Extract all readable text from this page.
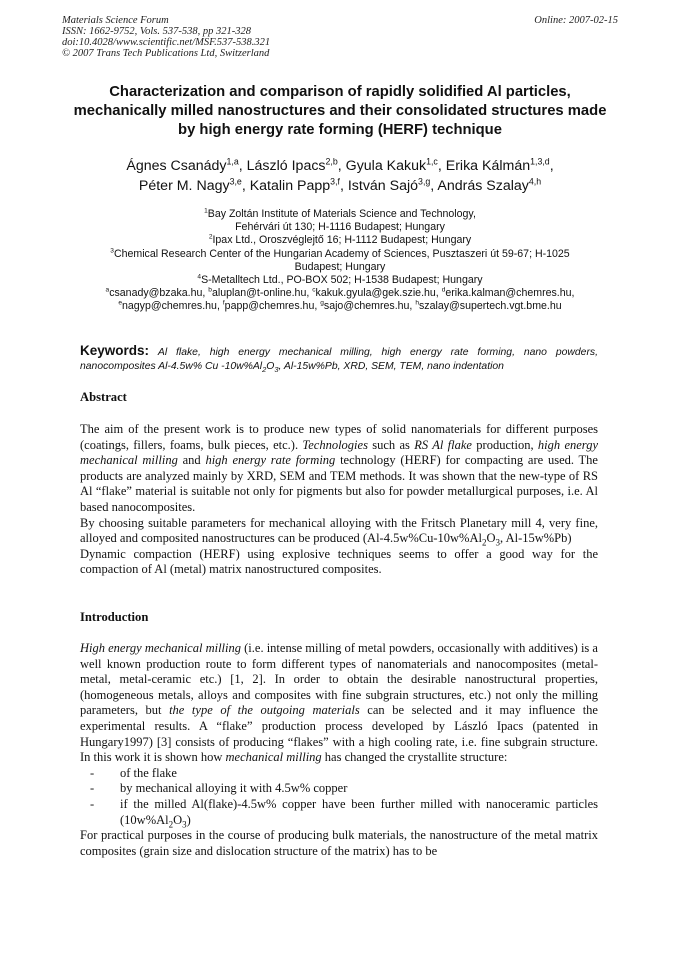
Materials Science Forum
ISSN: 1662-9752, Vols. 537-538, pp 321-328
doi:10.4028/www.scientific.net/MSF.537-538.321
© 2007 Trans Tech Publications Ltd, Switzerland
Online: 2007-02-15
Characterization and comparison of rapidly solidified Al particles, mechanically milled nanostructures and their consolidated structures made by high energy rate forming (HERF) technique
Ágnes Csanády$^{1,a}$, László Ipacs$^{2,b}$, Gyula Kakuk$^{1,c}$, Erika Kálmán$^{1,3,d}$,
Péter M. Nagy$^{3,e}$, Katalin Papp$^{3,f}$, István Sajó$^{3,g}$, András Szalay$^{4,h}$
$^1$Bay Zoltán Institute of Materials Science and Technology,
Fehérvári út 130; H-1116 Budapest; Hungary
$^2$Ipax Ltd., Oroszvéglejtő 16; H-1112 Budapest; Hungary
$^3$Chemical Research Center of the Hungarian Academy of Sciences, Pusztaszeri út 59-67; H-1025
Budapest; Hungary
$^4$S-Metalltech Ltd., PO-BOX 502; H-1538 Budapest; Hungary
$^a$csanady@bzaka.hu, $^b$aluplan@t-online.hu, $^c$kakuk.gyula@gek.szie.hu, $^d$erika.kalman@chemres.hu,
$^e$nagyp@chemres.hu, $^f$papp@chemres.hu, $^g$sajo@chemres.hu, $^h$szalay@supertech.vgt.bme.hu
Keywords: Al flake, high energy mechanical milling, high energy rate forming, nano powders, nanocomposites Al-4.5w% Cu $-10w\%Al_2O_3$, Al-15w%Pb, XRD, SEM, TEM, nano indentation
Abstract

The aim of the present work is to produce new types of solid nanomaterials for different purposes (coatings, fillers, foams, bulk pieces, etc.). Technologies such as RS Al flake production, high energy mechanical milling and high energy rate forming technology (HERF) for compacting are used. The products are analyzed mainly by XRD, SEM and TEM methods. It was shown that the new-type of RS Al “flake” material is suitable not only for pigments but also for powder metallurgical purposes, i.e. Al based nanocomposites.

By choosing suitable parameters for mechanical alloying with the Fritsch Planetary mill 4, very fine, alloyed and composited nanostructures can be produced ($Al-4.5w\%Cu-10w\%Al_2O_3$, Al-15w%Pb)

Dynamic compaction (HERF) using explosive techniques seems to offer a good way for the compaction of Al (metal) matrix nanostructured composites.

Introduction

High energy mechanical milling (i.e. intense milling of metal powders, occasionally with additives) is a well known production route to form different types of nanomaterials and nanocomposites (metal-metal, metal-ceramic etc.) [1, 2]. In order to obtain the desirable nanostructural properties, (homogeneous metals, alloys and composites with fine subgrain structures, etc.) not only the milling parameters, but the type of the outgoing materials can be selected and it may influence the experimental results. A “flake” production process developed by László Ipacs (patented in Hungary1997) [3] consists of producing “flakes” with a high cooling rate, i.e. fine subgrain structure. In this work it is shown how mechanical milling has changed the crystallite structure:

- of the flake
- by mechanical alloying it with 4.5w% copper
- if the milled Al(flake)-4.5w% copper have been further milled with nanoceramic particles $(10w\%Al_2O_3)$

For practical purposes in the course of producing bulk materials, the nanostructure of the metal matrix composites (grain size and dislocation structure of the matrix) has to be
